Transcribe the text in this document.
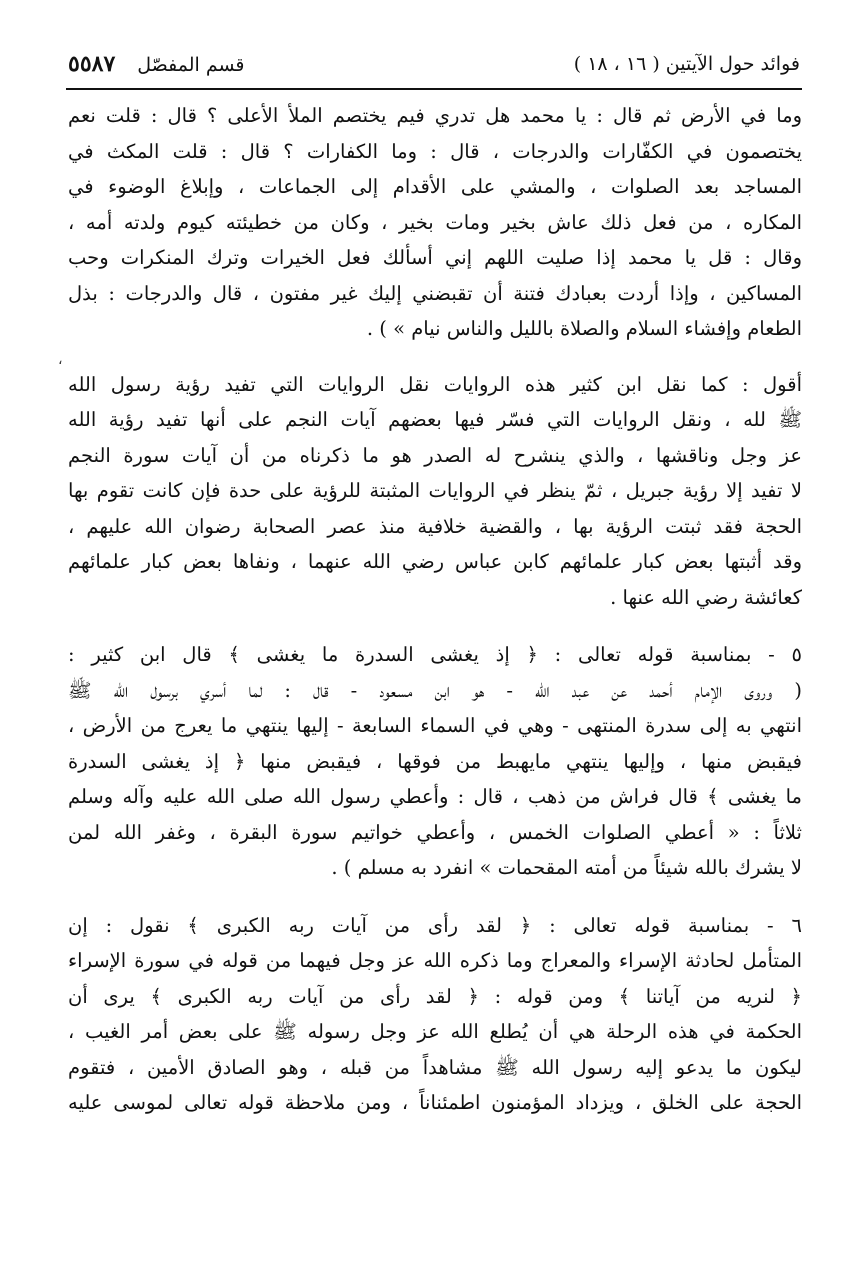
فوائد حول الآيتين ( ١٦ ، ١٨ )
قسم المفصّل
٥٥٨٧
وما في الأرض ثم قال : يا محمد هل تدري فيم يختصم الملأ الأعلى ؟ قال : قلت نعم
يختصمون في الكفّارات والدرجات ، قال : وما الكفارات ؟ قال : قلت المكث في
المساجد بعد الصلوات ، والمشي على الأقدام إلى الجماعات ، وإبلاغ الوضوء في
المكاره ، من فعل ذلك عاش بخير ومات بخير ، وكان من خطيئته كيوم ولدته أمه ،
وقال : قل يا محمد إذا صليت اللهم إني أسألك فعل الخيرات وترك المنكرات وحب
المساكين ، وإذا أردت بعبادك فتنة أن تقبضني إليك غير مفتون ، قال والدرجات : بذل
الطعام وإفشاء السلام والصلاة بالليل والناس نيام » ) .
أقول : كما نقل ابن كثير هذه الروايات نقل الروايات التي تفيد رؤية رسول الله
ﷺ لله ، ونقل الروايات التي فسّر فيها بعضهم آيات النجم على أنها تفيد رؤية الله
عز وجل وناقشها ، والذي ينشرح له الصدر هو ما ذكرناه من أن آيات سورة النجم
لا تفيد إلا رؤية جبريل ، ثمّ ينظر في الروايات المثبتة للرؤية على حدة فإن كانت تقوم بها
الحجة فقد ثبتت الرؤية بها ، والقضية خلافية منذ عصر الصحابة رضوان الله عليهم ،
وقد أثبتها بعض كبار علمائهم كابن عباس رضي الله عنهما ، ونفاها بعض كبار علمائهم
كعائشة رضي الله عنها .
٥ - بمناسبة قوله تعالى : ﴿ إذ يغشى السدرة ما يغشى ﴾ قال ابن كثير :
( وروى الإمام أحمد عن عبد الله - هو ابن مسعود - قال : لما أسري برسول الله ﷺ
انتهي به إلى سدرة المنتهى - وهي في السماء السابعة - إليها ينتهي ما يعرج من الأرض ،
فيقبض منها ، وإليها ينتهي مايهبط من فوقها ، فيقبض منها ﴿ إذ يغشى السدرة
ما يغشى ﴾ قال فراش من ذهب ، قال : وأعطي رسول الله صلى الله عليه وآله وسلم
ثلاثاً : « أعطي الصلوات الخمس ، وأعطي خواتيم سورة البقرة ، وغفر الله لمن
لا يشرك بالله شيئاً من أمته المقحمات » انفرد به مسلم ) .
٦ - بمناسبة قوله تعالى : ﴿ لقد رأى من آيات ربه الكبرى ﴾ نقول : إن
المتأمل لحادثة الإسراء والمعراج وما ذكره الله عز وجل فيهما من قوله في سورة الإسراء
﴿ لنريه من آياتنا ﴾ ومن قوله : ﴿ لقد رأى من آيات ربه الكبرى ﴾ يرى أن
الحكمة في هذه الرحلة هي أن يُطلع الله عز وجل رسوله ﷺ على بعض أمر الغيب ،
ليكون ما يدعو إليه رسول الله ﷺ مشاهداً من قبله ، وهو الصادق الأمين ، فتقوم
الحجة على الخلق ، ويزداد المؤمنون اطمئناناً ، ومن ملاحظة قوله تعالى لموسى عليه
،
